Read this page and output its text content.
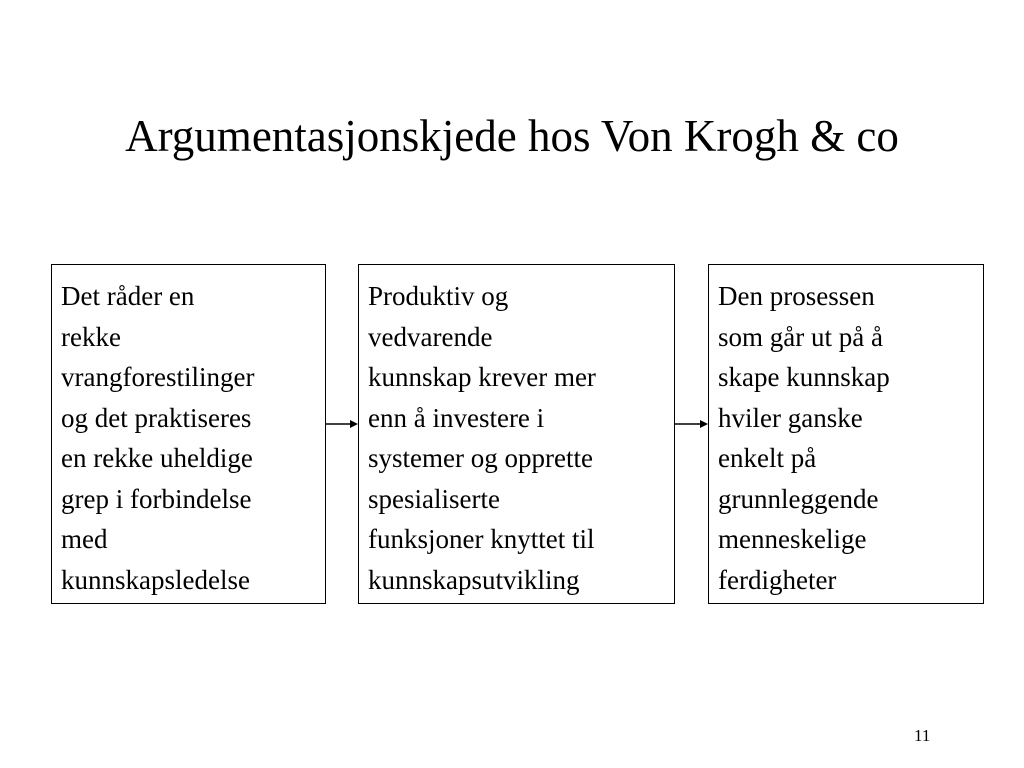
Argumentasjonskjede hos Von Krogh & co
Det råder en
rekke
vrangforestilinger
og det praktiseres
en rekke uheldige
grep i forbindelse
med
kunnskapsledelse
Produktiv og
vedvarende
kunnskap krever mer
enn å investere i
systemer og opprette
spesialiserte
funksjoner knyttet til
kunnskapsutvikling
Den prosessen
som går ut på å
skape kunnskap
hviler ganske
enkelt på
grunnleggende
menneskelige
ferdigheter
11
